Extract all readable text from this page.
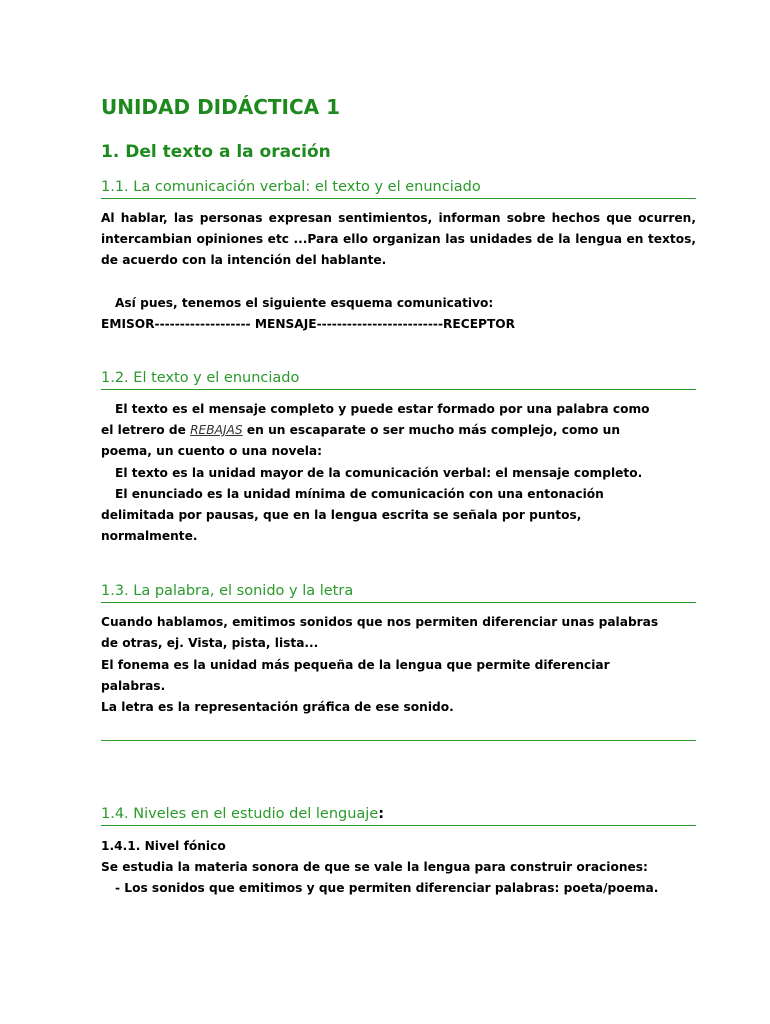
UNIDAD DIDÁCTICA 1
1. Del texto a la oración
1.1. La comunicación verbal: el texto y el enunciado

Al hablar, las personas expresan sentimientos, informan sobre hechos que ocurren, intercambian opiniones etc ...Para ello organizan las unidades de la lengua en textos, de acuerdo con la intención del hablante.

Así pues, tenemos el siguiente esquema comunicativo:

EMISOR------------------- MENSAJE-------------------------RECEPTOR

1.2. El texto y el enunciado

El texto es el mensaje completo y puede estar formado por una palabra como

el letrero de REBAJAS en un escaparate o ser mucho más complejo, como un

poema, un cuento o una novela:

El texto es la unidad mayor de la comunicación verbal: el mensaje completo.

El enunciado es la unidad mínima de comunicación con una entonación

delimitada por pausas, que en la lengua escrita se señala por puntos,

normalmente.

1.3. La palabra, el sonido y la letra

Cuando hablamos, emitimos sonidos que nos permiten diferenciar unas palabras

de otras, ej. Vista, pista, lista...

El fonema es la unidad más pequeña de la lengua que permite diferenciar

palabras.

La letra es la representación gráfica de ese sonido.

1.4. Niveles en el estudio del lenguaje:

1.4.1. Nivel fónico

Se estudia la materia sonora de que se vale la lengua para construir oraciones:

- Los sonidos que emitimos y que permiten diferenciar palabras: poeta/poema.
